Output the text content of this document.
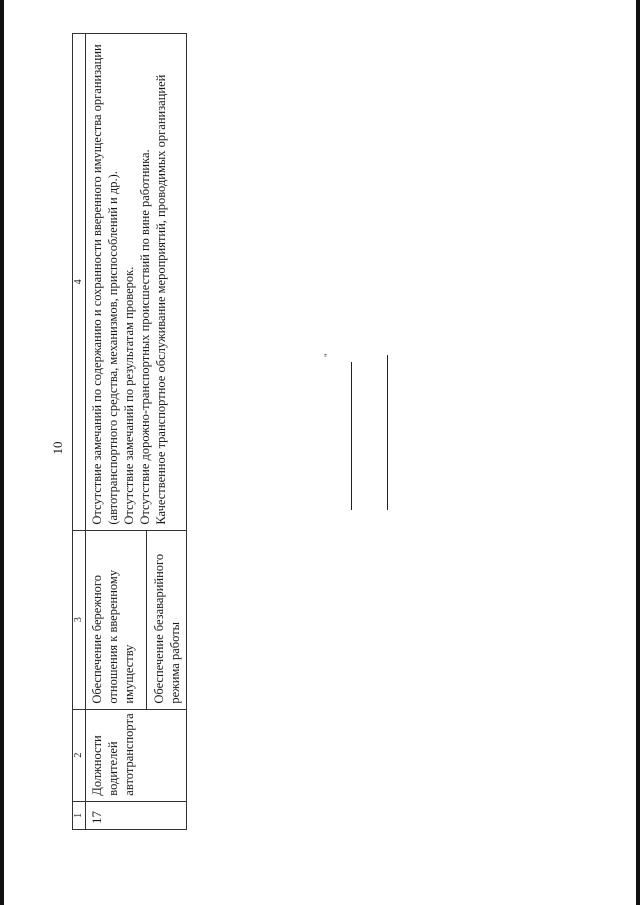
10
1	2	3	4
17	Должности водителей автотранспорта	Обеспечение бережного отношения к вверенному имуществу Обеспечение безаварийного режима работы	Отсутствие замечаний по содержанию и сохранности вверенного имущества организации (автотранспортного средства, механизмов, приспособлений и др.). Отсутствие замечаний по результатам проверок. Отсутствие дорожно-транспортных происшествий по вине работника. Качественное транспортное обслуживание мероприятий, проводимых организацией	"
